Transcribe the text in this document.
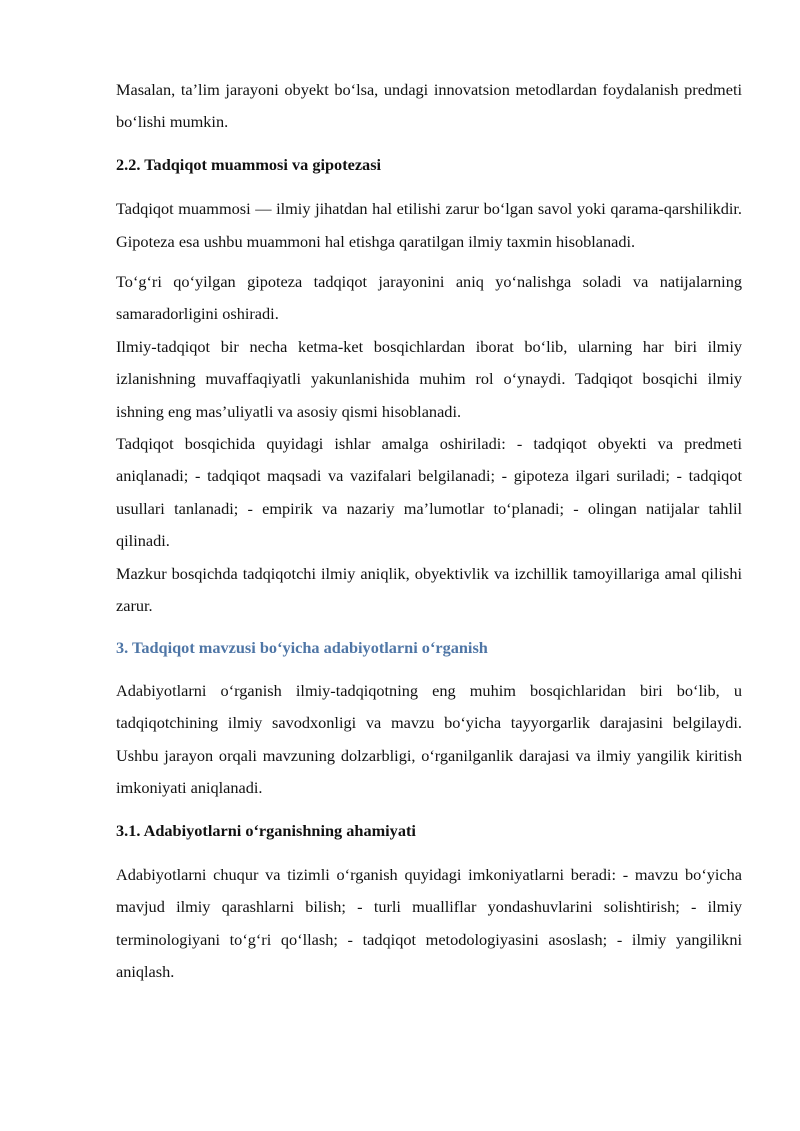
Masalan, ta’lim jarayoni obyekt bo‘lsa, undagi innovatsion metodlardan foydalanish predmeti bo‘lishi mumkin.

2.2. Tadqiqot muammosi va gipotezasi

Tadqiqot muammosi — ilmiy jihatdan hal etilishi zarur bo‘lgan savol yoki qarama-qarshilikdir. Gipoteza esa ushbu muammoni hal etishga qaratilgan ilmiy taxmin hisoblanadi.

To‘g‘ri qo‘yilgan gipoteza tadqiqot jarayonini aniq yo‘nalishga soladi va natijalarning samaradorligini oshiradi.

Ilmiy-tadqiqot bir necha ketma-ket bosqichlardan iborat bo‘lib, ularning har biri ilmiy izlanishning muvaffaqiyatli yakunlanishida muhim rol o‘ynaydi. Tadqiqot bosqichi ilmiy ishning eng mas’uliyatli va asosiy qismi hisoblanadi.

Tadqiqot bosqichida quyidagi ishlar amalga oshiriladi: - tadqiqot obyekti va predmeti aniqlanadi; - tadqiqot maqsadi va vazifalari belgilanadi; - gipoteza ilgari suriladi; - tadqiqot usullari tanlanadi; - empirik va nazariy ma’lumotlar to‘planadi; - olingan natijalar tahlil qilinadi.

Mazkur bosqichda tadqiqotchi ilmiy aniqlik, obyektivlik va izchillik tamoyillariga amal qilishi zarur.

3. Tadqiqot mavzusi bo‘yicha adabiyotlarni o‘rganish

Adabiyotlarni o‘rganish ilmiy-tadqiqotning eng muhim bosqichlaridan biri bo‘lib, u tadqiqotchining ilmiy savodxonligi va mavzu bo‘yicha tayyorgarlik darajasini belgilaydi. Ushbu jarayon orqali mavzuning dolzarbligi, o‘rganilganlik darajasi va ilmiy yangilik kiritish imkoniyati aniqlanadi.

3.1. Adabiyotlarni o‘rganishning ahamiyati

Adabiyotlarni chuqur va tizimli o‘rganish quyidagi imkoniyatlarni beradi: - mavzu bo‘yicha mavjud ilmiy qarashlarni bilish; - turli mualliflar yondashuvlarini solishtirish; - ilmiy terminologiyani to‘g‘ri qo‘llash; - tadqiqot metodologiyasini asoslash; - ilmiy yangilikni aniqlash.
